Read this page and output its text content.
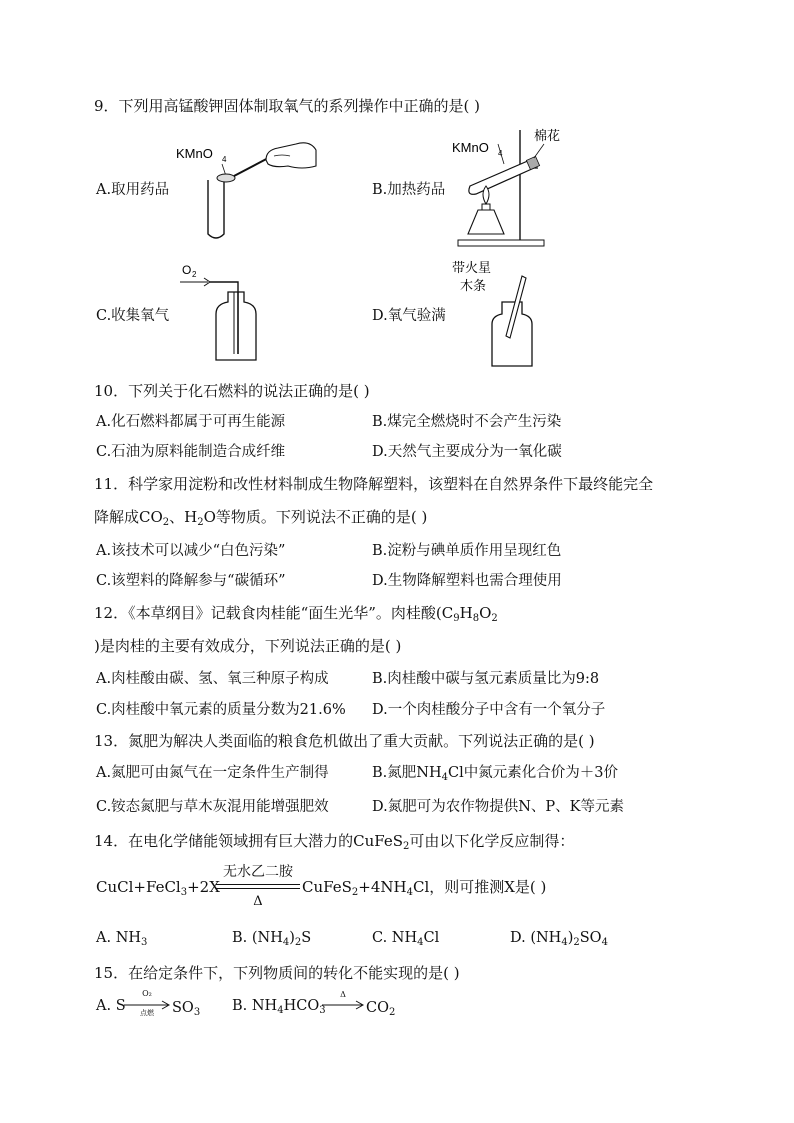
9．下列用高锰酸钾固体制取氧气的系列操作中正确的是( )
KMnO 4
A.取用药品
KMnO 4
棉花
B.加热药品
O 2
C.收集氧气
带火星
木条
D.氧气验满
10．下列关于化石燃料的说法正确的是( )
A.化石燃料都属于可再生能源	B.煤完全燃烧时不会产生污染
C.石油为原料能制造合成纤维	D.天然气主要成分为一氧化碳
11．科学家用淀粉和改性材料制成生物降解塑料，该塑料在自然界条件下最终能完全
降解成$CO_2$、$H_2O$等物质。下列说法不正确的是( )
A.该技术可以减少“白色污染”	B.淀粉与碘单质作用呈现红色
C.该塑料的降解参与“碳循环”	D.生物降解塑料也需合理使用
12．《本草纲目》记载食肉桂能“面生光华”。肉桂酸($C_9H_8O_2$
)是肉桂的主要有效成分，下列说法正确的是( )
A.肉桂酸由碳、氢、氧三种原子构成	B.肉桂酸中碳与氢元素质量比为9:8
C.肉桂酸中氧元素的质量分数为21.6% D.一个肉桂酸分子中含有一个氧分子
13．氮肥为解决人类面临的粮食危机做出了重大贡献。下列说法正确的是( )
A.氮肥可由氮气在一定条件生产制得	B.氮肥$NH_4Cl$中氮元素化合价为＋3价
C.铵态氮肥与草木灰混用能增强肥效	D.氮肥可为农作物提供N、P、K等元素
14．在电化学储能领域拥有巨大潜力的CuFeS$_2$可由以下化学反应制得：
CuCl+FeCl$_3$+2X
无水乙二胺
Δ
$CuFeS_2+4NH_4Cl$，则可推测X是( )
A. $NH_3$	B. $(NH_4)_2S$	C. $NH_4Cl$	D. $(NH_4)_2SO_4$
15．在给定条件下，下列物质间的转化不能实现的是( )
A. S
O₂
点燃	$SO_3$ B. $NH_4HCO_3$
Δ
$CO_2$
